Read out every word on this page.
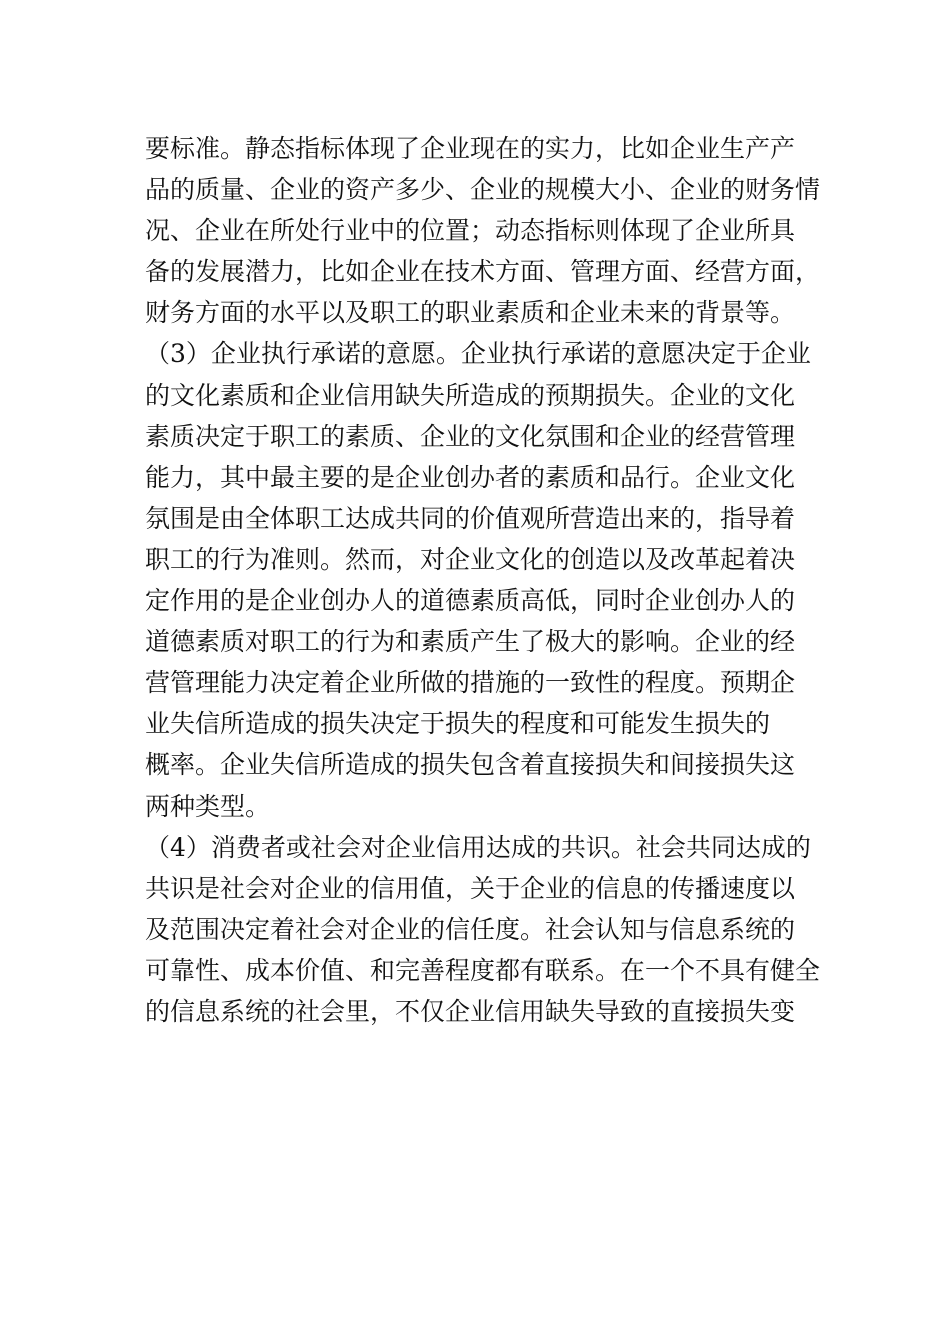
要标准。静态指标体现了企业现在的实力，比如企业生产产
品的质量、企业的资产多少、企业的规模大小、企业的财务情
况、企业在所处行业中的位置；动态指标则体现了企业所具
备的发展潜力，比如企业在技术方面、管理方面、经营方面，
财务方面的水平以及职工的职业素质和企业未来的背景等。
（3）企业执行承诺的意愿。企业执行承诺的意愿决定于企业
的文化素质和企业信用缺失所造成的预期损失。企业的文化
素质决定于职工的素质、企业的文化氛围和企业的经营管理
能力，其中最主要的是企业创办者的素质和品行。企业文化
氛围是由全体职工达成共同的价值观所营造出来的，指导着
职工的行为准则。然而，对企业文化的创造以及改革起着决
定作用的是企业创办人的道德素质高低，同时企业创办人的
道德素质对职工的行为和素质产生了极大的影响。企业的经
营管理能力决定着企业所做的措施的一致性的程度。预期企
业失信所造成的损失决定于损失的程度和可能发生损失的
概率。企业失信所造成的损失包含着直接损失和间接损失这
两种类型。
（4）消费者或社会对企业信用达成的共识。社会共同达成的
共识是社会对企业的信用值，关于企业的信息的传播速度以
及范围决定着社会对企业的信任度。社会认知与信息系统的
可靠性、成本价值、和完善程度都有联系。在一个不具有健全
的信息系统的社会里，不仅企业信用缺失导致的直接损失变
